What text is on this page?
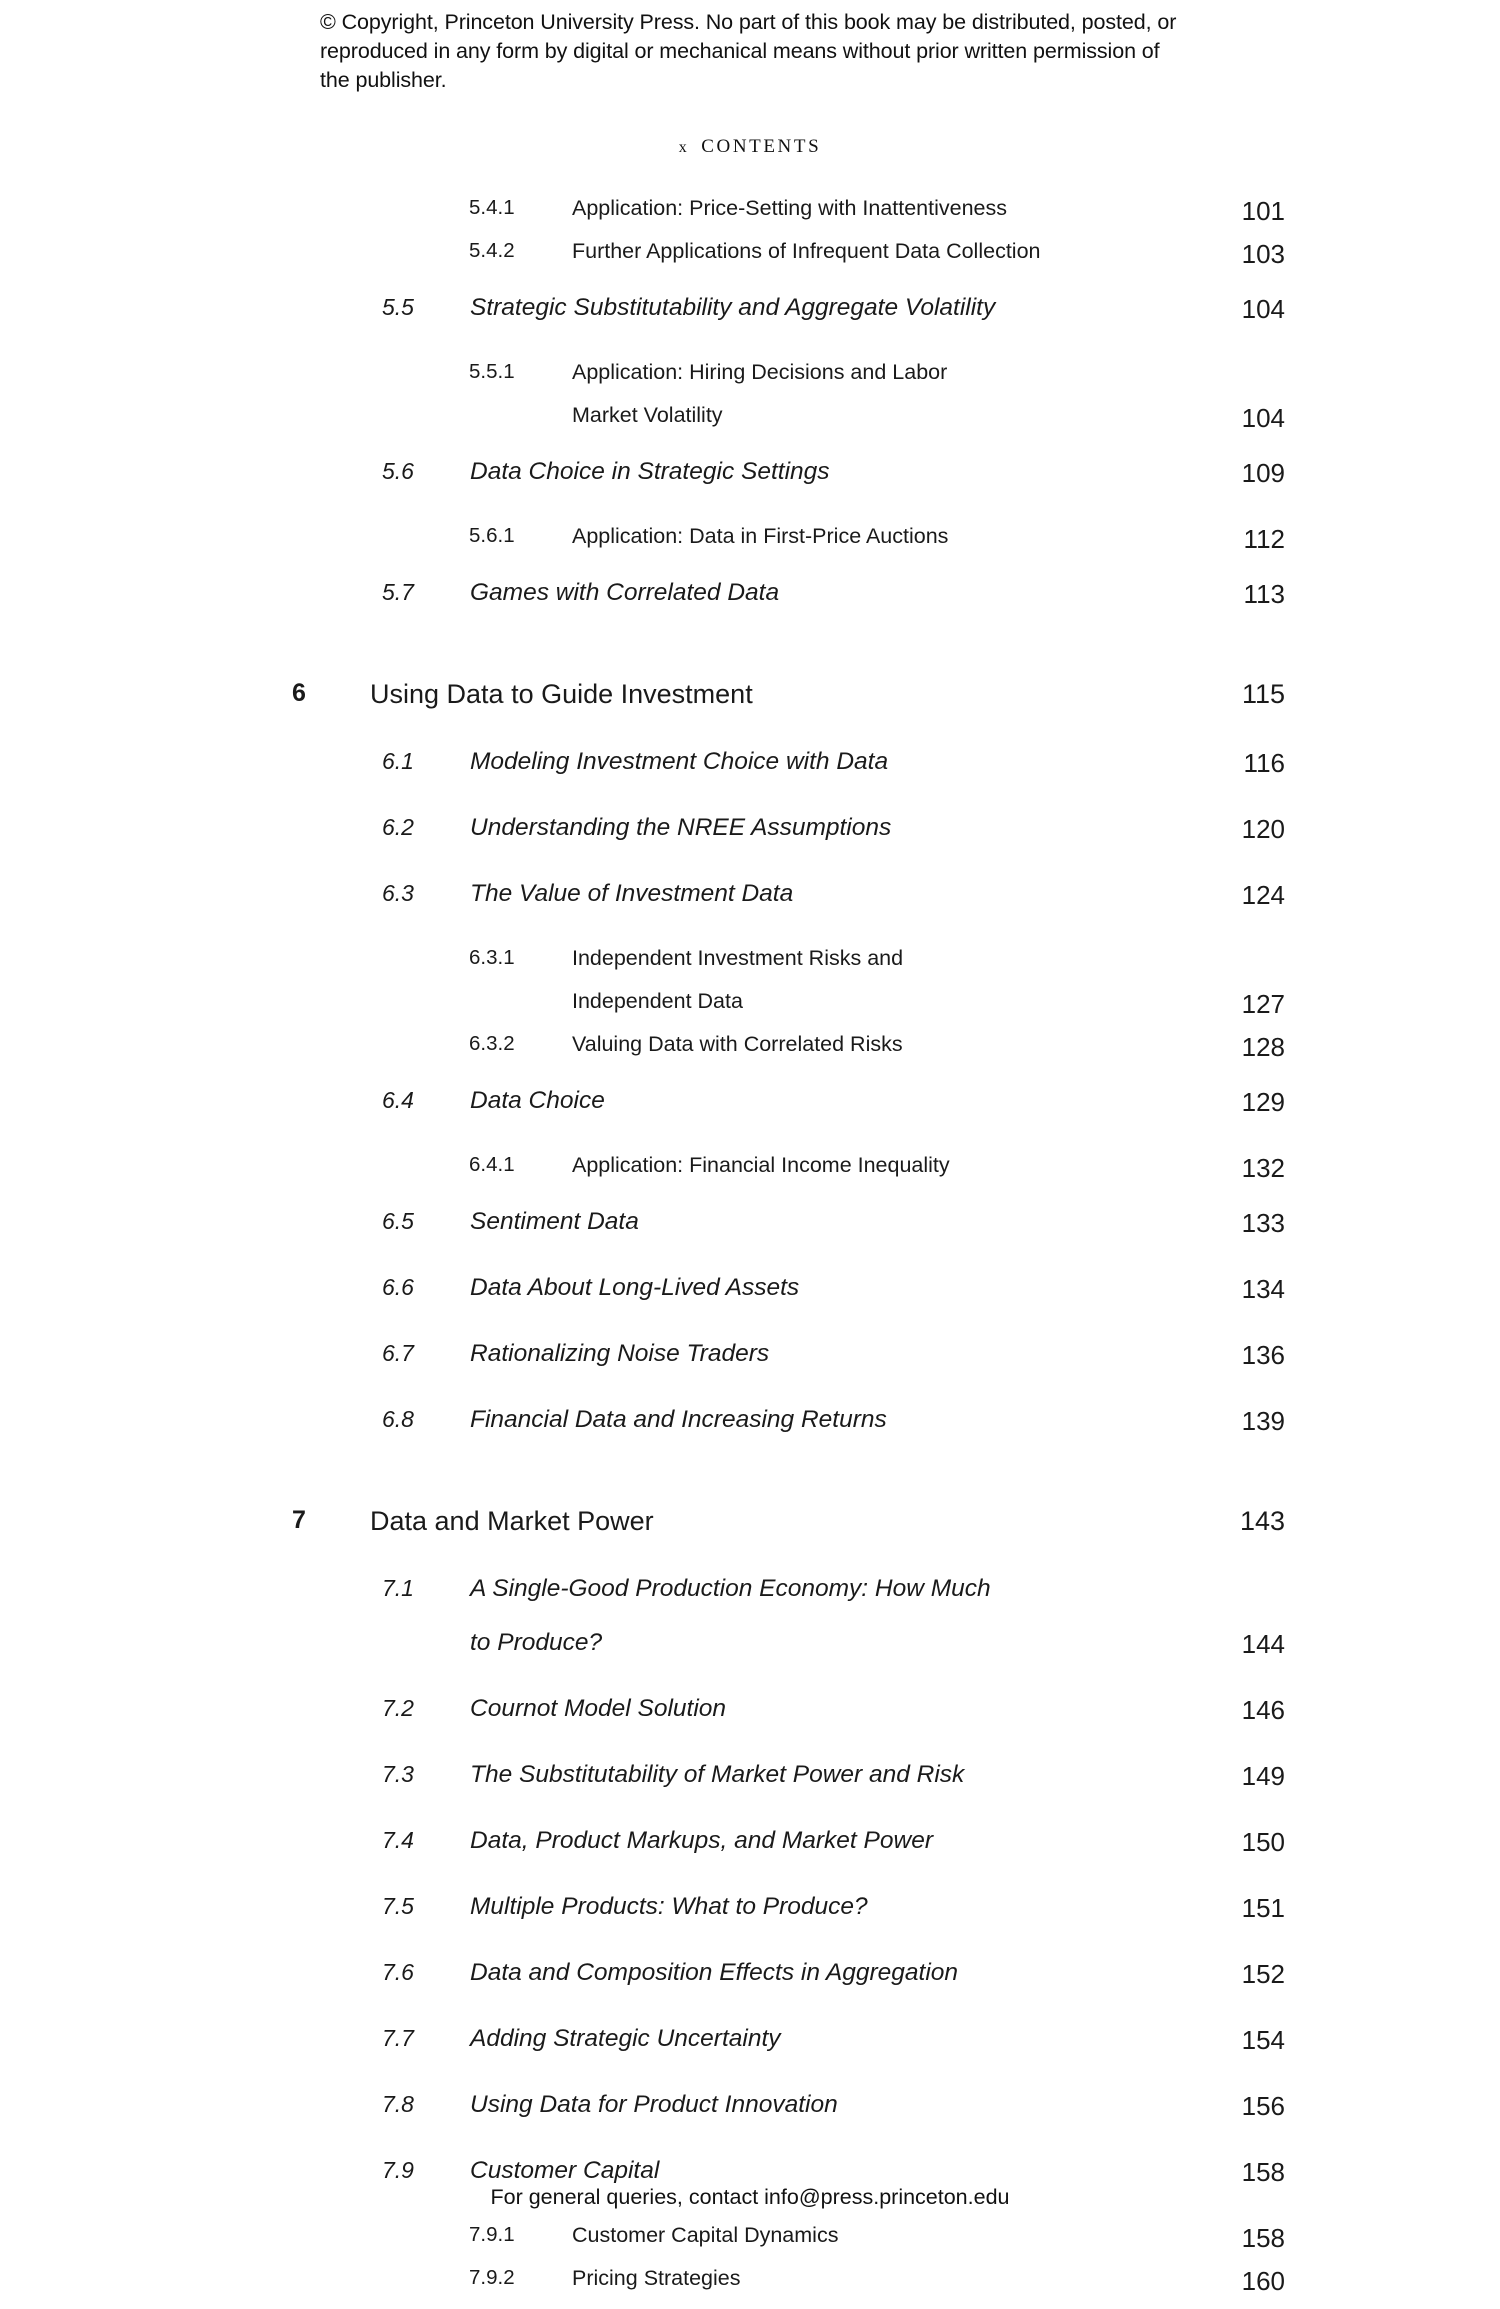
© Copyright, Princeton University Press. No part of this book may be distributed, posted, or reproduced in any form by digital or mechanical means without prior written permission of the publisher.
x CONTENTS
5.4.1	Application: Price-Setting with Inattentiveness	101
5.4.2	Further Applications of Infrequent Data Collection	103
5.5 Strategic Substitutability and Aggregate Volatility	104
5.5.1	Application: Hiring Decisions and Labor
Market Volatility	104
5.6 Data Choice in Strategic Settings	109
5.6.1	Application: Data in First-Price Auctions	112
5.7 Games with Correlated Data	113
6 Using Data to Guide Investment	115
6.1 Modeling Investment Choice with Data	116
6.2 Understanding the NREE Assumptions	120
6.3 The Value of Investment Data	124
6.3.1	Independent Investment Risks and
Independent Data	127
6.3.2	Valuing Data with Correlated Risks	128
6.4 Data Choice	129
6.4.1	Application: Financial Income Inequality	132
6.5 Sentiment Data	133
6.6 Data About Long-Lived Assets	134
6.7 Rationalizing Noise Traders	136
6.8 Financial Data and Increasing Returns	139
7 Data and Market Power	143
7.1 A Single-Good Production Economy: How Much
to Produce?	144
7.2 Cournot Model Solution	146
7.3 The Substitutability of Market Power and Risk	149
7.4 Data, Product Markups, and Market Power	150
7.5 Multiple Products: What to Produce?	151
7.6 Data and Composition Effects in Aggregation	152
7.7 Adding Strategic Uncertainty	154
7.8 Using Data for Product Innovation	156
7.9 Customer Capital	158
7.9.1	Customer Capital Dynamics	158
7.9.2	Pricing Strategies	160
For general queries, contact info@press.princeton.edu
